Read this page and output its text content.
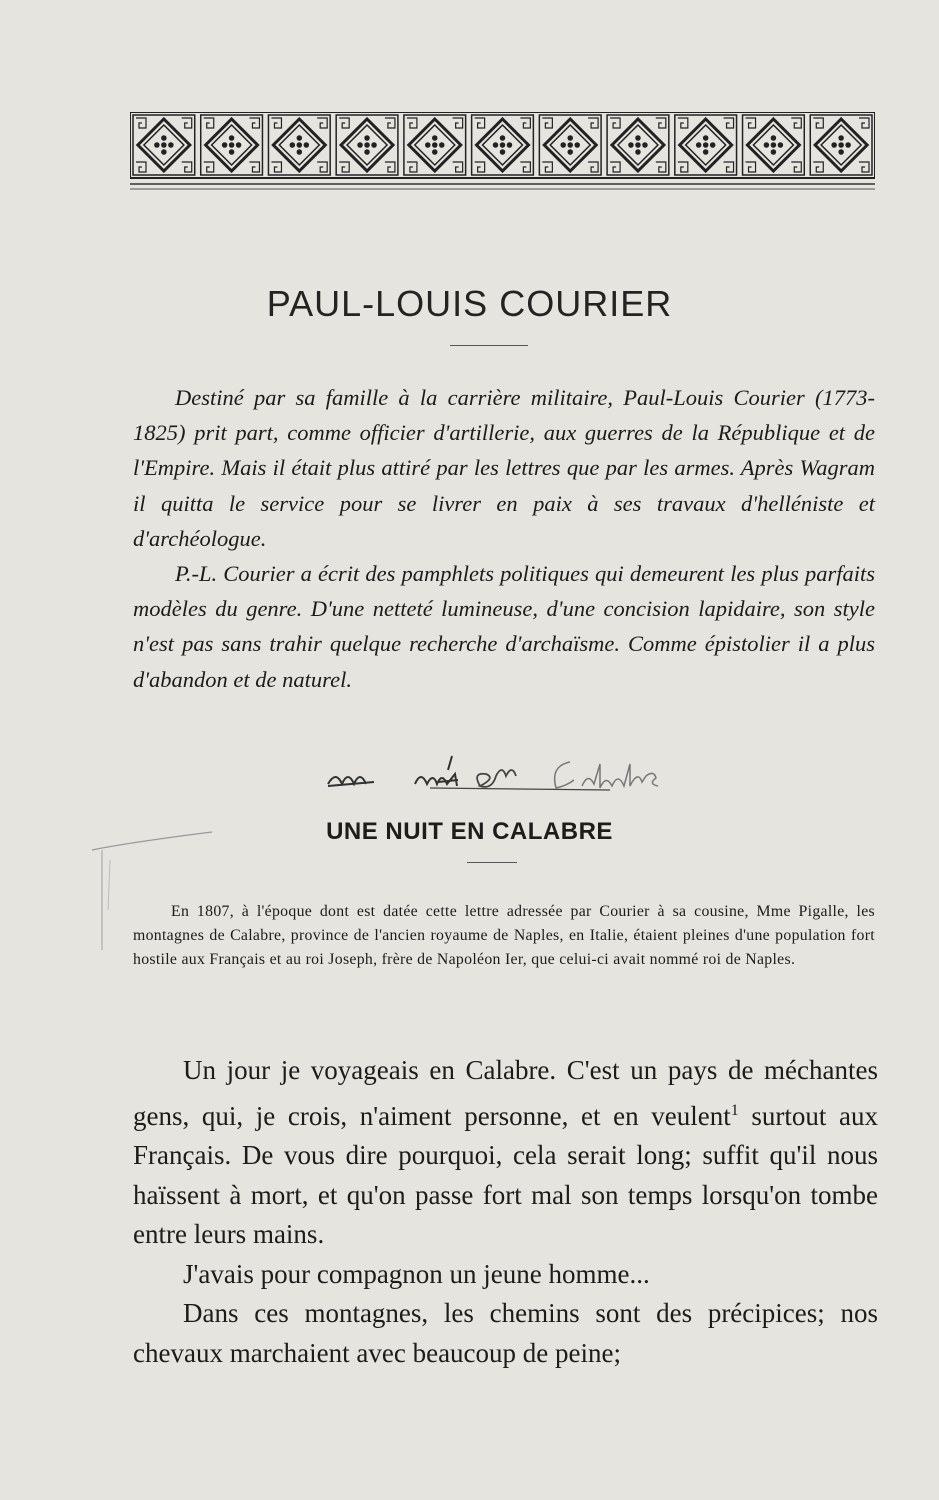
PAUL-LOUIS COURIER

Destiné par sa famille à la carrière militaire, Paul-Louis Courier (1773-1825) prit part, comme officier d'artillerie, aux guerres de la République et de l'Empire. Mais il était plus attiré par les lettres que par les armes. Après Wagram il quitta le service pour se livrer en paix à ses travaux d'helléniste et d'archéologue.

P.-L. Courier a écrit des pamphlets politiques qui demeurent les plus parfaits modèles du genre. D'une netteté lumineuse, d'une concision lapidaire, son style n'est pas sans trahir quelque recherche d'archaïsme. Comme épistolier il a plus d'abandon et de naturel.

UNE NUIT EN CALABRE

En 1807, à l'époque dont est datée cette lettre adressée par Courier à sa cousine, Mme Pigalle, les montagnes de Calabre, province de l'ancien royaume de Naples, en Italie, étaient pleines d'une population fort hostile aux Français et au roi Joseph, frère de Napoléon Ier, que celui-ci avait nommé roi de Naples.

Un jour je voyageais en Calabre. C'est un pays de méchantes gens, qui, je crois, n'aiment personne, et en veulent$^1$ surtout aux Français. De vous dire pourquoi, cela serait long; suffit qu'il nous haïssent à mort, et qu'on passe fort mal son temps lorsqu'on tombe entre leurs mains.

J'avais pour compagnon un jeune homme...

Dans ces montagnes, les chemins sont des précipices; nos chevaux marchaient avec beaucoup de peine;
